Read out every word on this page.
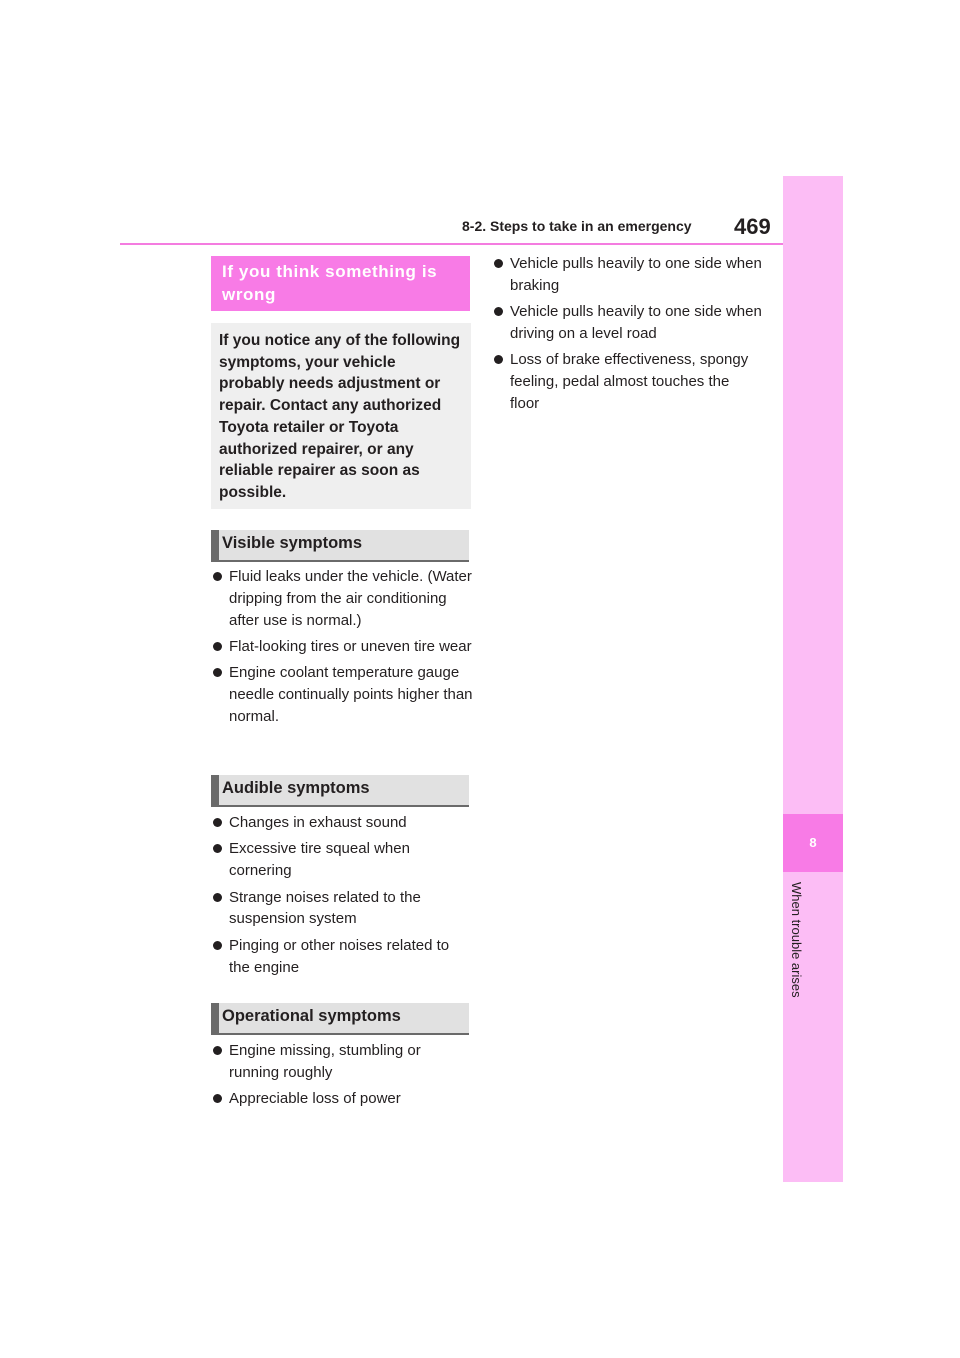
8-2. Steps to take in an emergency 469
8
When trouble arises
If you think something is wrong
If you notice any of the following symptoms, your vehicle probably needs adjustment or repair. Contact any authorized Toyota retailer or Toyota authorized repairer, or any reliable repairer as soon as possible.
Visible symptoms
Fluid leaks under the vehicle. (Water dripping from the air conditioning after use is normal.)
Flat-looking tires or uneven tire wear
Engine coolant temperature gauge needle continually points higher than normal.
Audible symptoms
Changes in exhaust sound
Excessive tire squeal when cornering
Strange noises related to the suspension system
Pinging or other noises related to the engine
Operational symptoms
Engine missing, stumbling or running roughly
Appreciable loss of power
Vehicle pulls heavily to one side when braking
Vehicle pulls heavily to one side when driving on a level road
Loss of brake effectiveness, spongy feeling, pedal almost touches the floor
